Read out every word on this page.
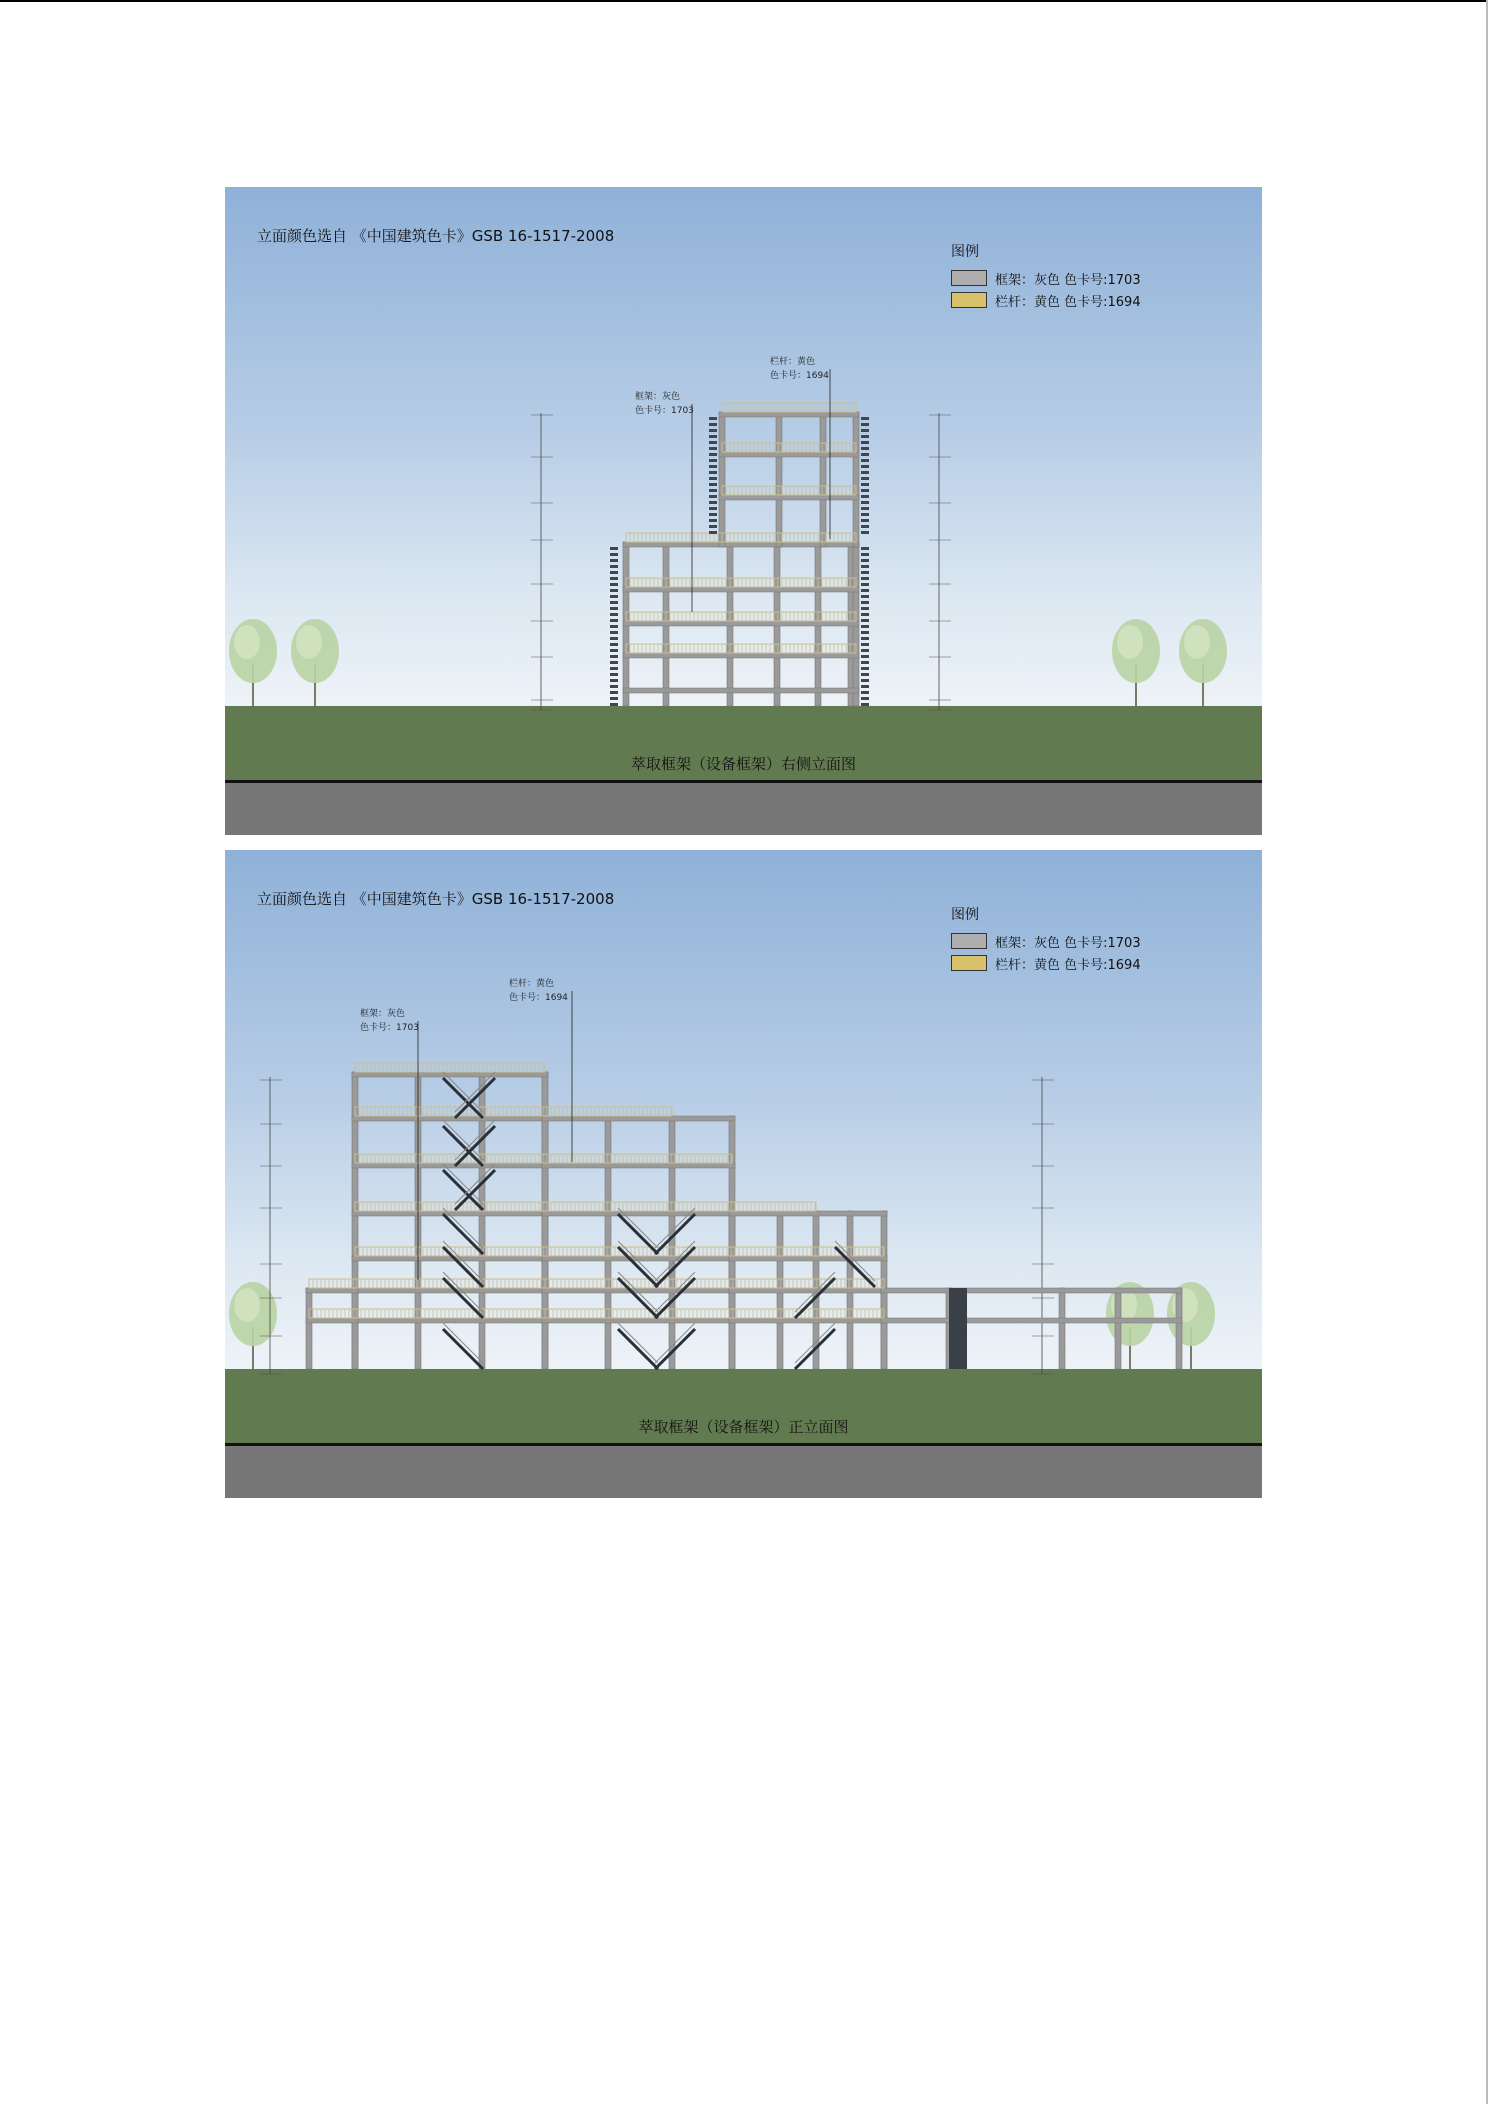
立面颜色选自 《中国建筑色卡》GSB 16-1517-2008
图例
框架：灰色 色卡号:1703
栏杆：黄色 色卡号:1694
框架：灰色
色卡号：1703
栏杆：黄色
色卡号：1694
萃取框架（设备框架）右侧立面图
立面颜色选自 《中国建筑色卡》GSB 16-1517-2008
图例
框架：灰色 色卡号:1703
栏杆：黄色 色卡号:1694
框架：灰色
色卡号：1703
栏杆：黄色
色卡号：1694
萃取框架（设备框架）正立面图
